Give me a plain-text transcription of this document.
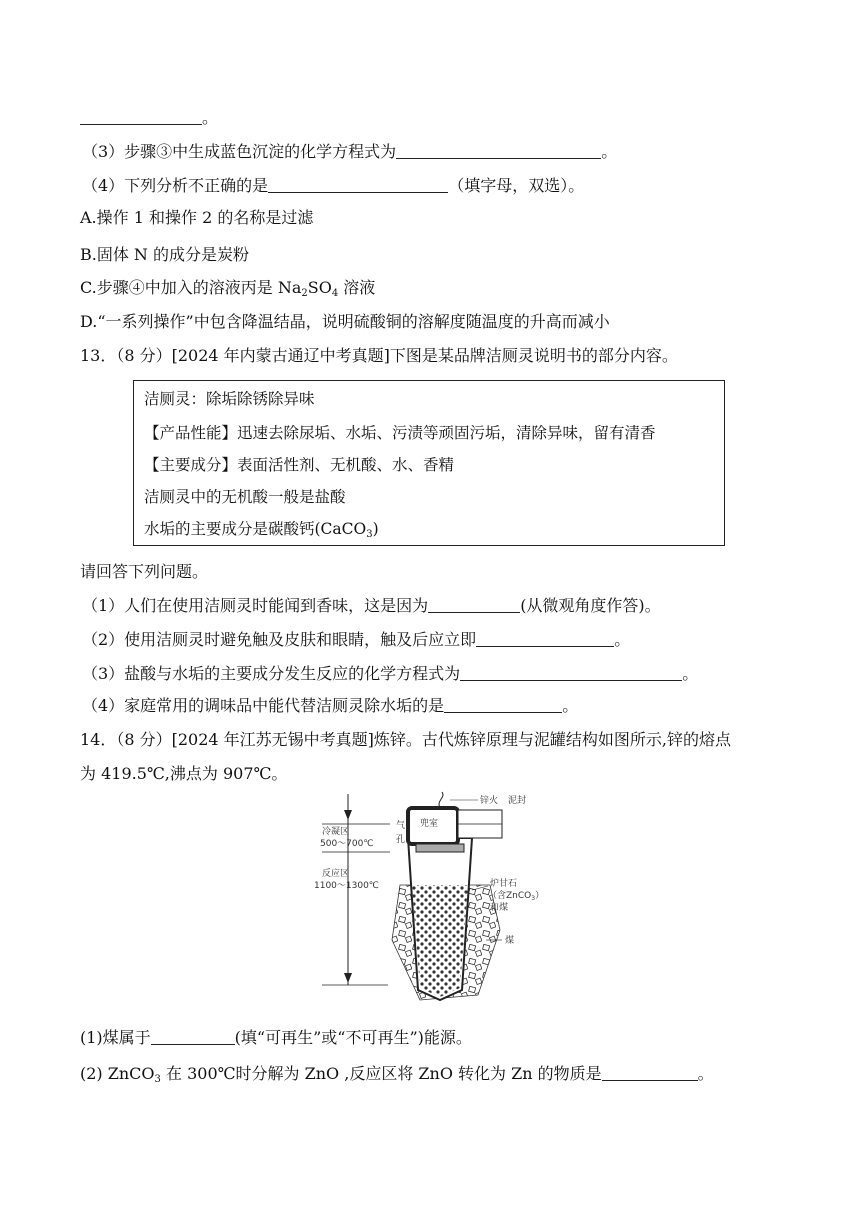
。
（3）步骤③中生成蓝色沉淀的化学方程式为	。
（4）下列分析不正确的是	（填字母，双选）。
A.操作 1 和操作 2 的名称是过滤
B.固体 N 的成分是炭粉
C.步骤④中加入的溶液丙是 $Na_2SO_4$ 溶液
D.“一系列操作”中包含降温结晶，说明硫酸铜的溶解度随温度的升高而减小
13．（8 分）[2024 年内蒙古通辽中考真题]下图是某品牌洁厕灵说明书的部分内容。
洁厕灵：除垢除锈除异味
【产品性能】迅速去除尿垢、水垢、污渍等顽固污垢，清除异味，留有清香
【主要成分】表面活性剂、无机酸、水、香精
洁厕灵中的无机酸一般是盐酸
水垢的主要成分是碳酸钙(CaCO$_3$)
请回答下列问题。
（1）人们在使用洁厕灵时能闻到香味，这是因为	(从微观角度作答)。
（2）使用洁厕灵时避免触及皮肤和眼睛，触及后应立即	。
（3）盐酸与水垢的主要成分发生反应的化学方程式为	。
（4）家庭常用的调味品中能代替洁厕灵除水垢的是	。
14．（8 分）[2024 年江苏无锡中考真题]炼锌。古代炼锌原理与泥罐结构如图所示,锌的熔点
为 419.5℃,沸点为 907℃。
冷凝区
500～700℃
反应区
1100～1300℃
锌火 泥封
兜室
气
孔
炉甘石
（含ZnCO$_3$）
和煤
煤
(1)煤属于	(填“可再生”或“不可再生”)能源。
(2) ZnCO$_3$ 在 300℃时分解为 ZnO ,反应区将 ZnO 转化为 Zn 的物质是	。
